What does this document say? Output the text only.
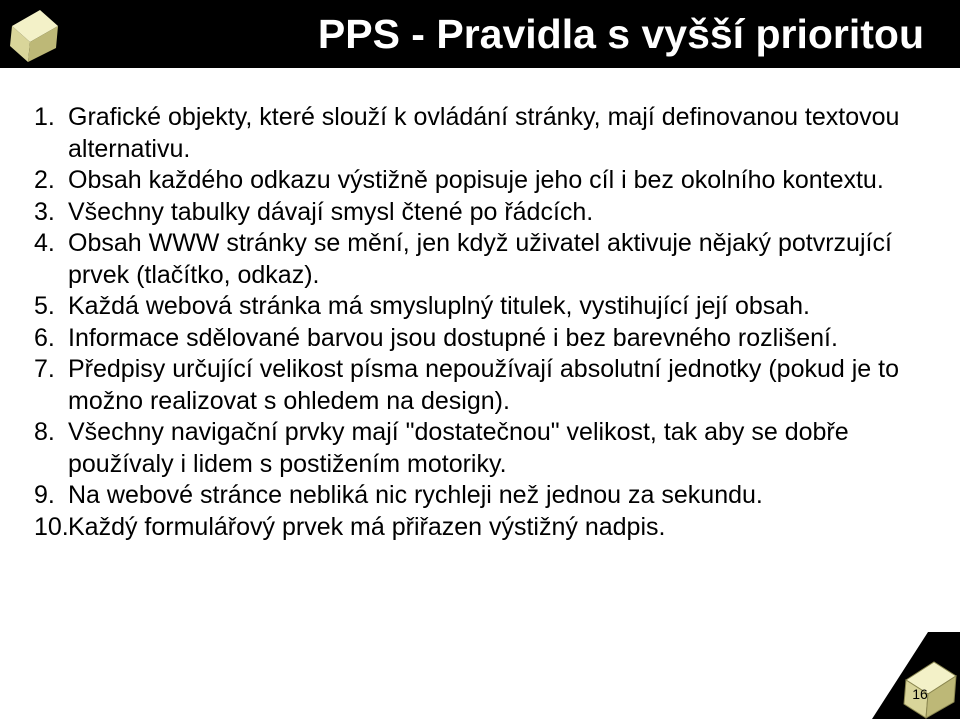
PPS - Pravidla s vyšší prioritou
1. Grafické objekty, které slouží k ovládání stránky, mají definovanou textovou alternativu.
2. Obsah každého odkazu výstižně popisuje jeho cíl i bez okolního kontextu.
3. Všechny tabulky dávají smysl čtené po řádcích.
4. Obsah WWW stránky se mění, jen když uživatel aktivuje nějaký potvrzující prvek (tlačítko, odkaz).
5. Každá webová stránka má smysluplný titulek, vystihující její obsah.
6. Informace sdělované barvou jsou dostupné i bez barevného rozlišení.
7. Předpisy určující velikost písma nepoužívají absolutní jednotky (pokud je to možno realizovat s ohledem na design).
8. Všechny navigační prvky mají "dostatečnou" velikost, tak aby se dobře používaly i lidem s postižením motoriky.
9. Na webové stránce nebliká nic rychleji než jednou za sekundu.
10. Každý formulářový prvek má přiřazen výstižný nadpis.
16
